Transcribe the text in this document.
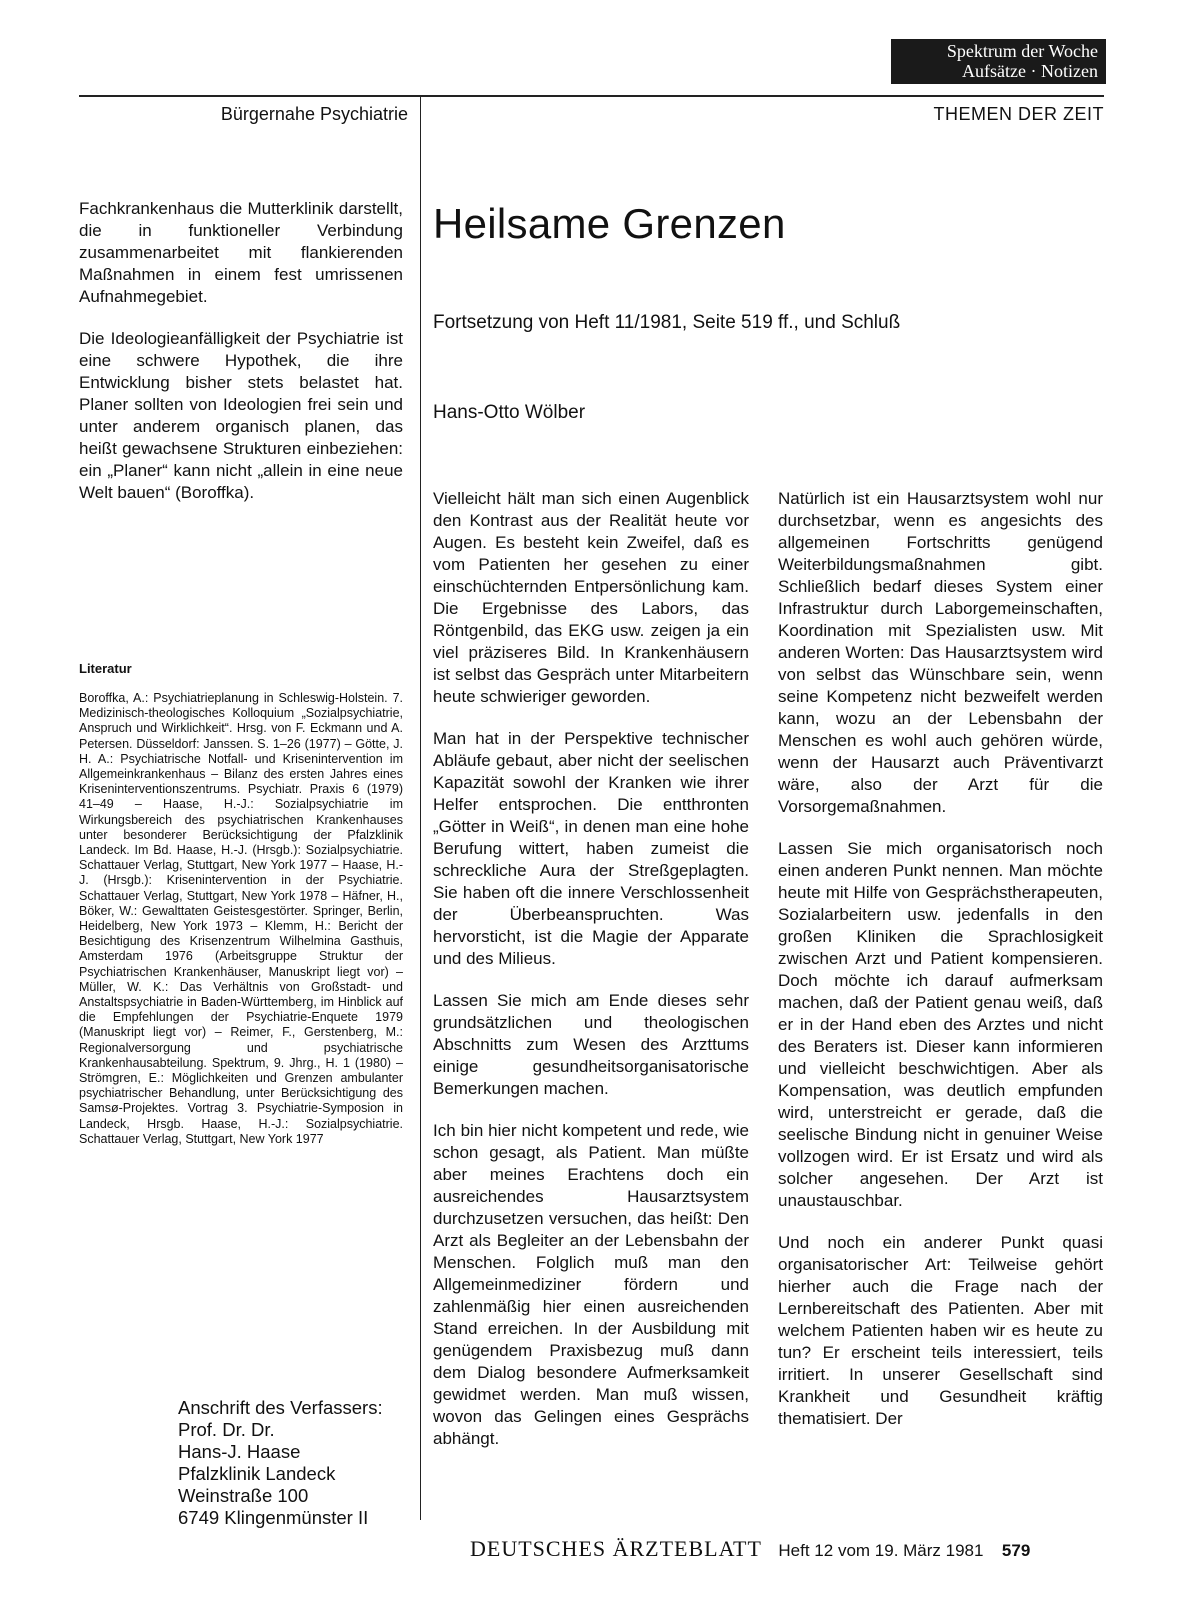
Spektrum der Woche
Aufsätze · Notizen
Bürgernahe Psychiatrie	THEMEN DER ZEIT
Heilsame Grenzen
Fortsetzung von Heft 11/1981, Seite 519 ff., und Schluß
Hans-Otto Wölber

Fachkrankenhaus die Mutterklinik darstellt, die in funktioneller Verbindung zusammenarbeitet mit flankierenden Maßnahmen in einem fest umrissenen Aufnahmegebiet.

Die Ideologieanfälligkeit der Psychiatrie ist eine schwere Hypothek, die ihre Entwicklung bisher stets belastet hat. Planer sollten von Ideologien frei sein und unter anderem organisch planen, das heißt gewachsene Strukturen einbeziehen: ein „Planer“ kann nicht „allein in eine neue Welt bauen“ (Boroffka).

Literatur
Boroffka, A.: Psychiatrieplanung in Schleswig-Holstein. 7. Medizinisch-theologisches Kolloquium „Sozialpsychiatrie, Anspruch und Wirklichkeit“. Hrsg. von F. Eckmann und A. Petersen. Düsseldorf: Janssen. S. 1–26 (1977) – Götte, J. H. A.: Psychiatrische Notfall- und Krisenintervention im Allgemeinkrankenhaus – Bilanz des ersten Jahres eines Kriseninterventionszentrums. Psychiatr. Praxis 6 (1979) 41–49 – Haase, H.-J.: Sozialpsychiatrie im Wirkungsbereich des psychiatrischen Krankenhauses unter besonderer Berücksichtigung der Pfalzklinik Landeck. Im Bd. Haase, H.-J. (Hrsgb.): Sozialpsychiatrie. Schattauer Verlag, Stuttgart, New York 1977 – Haase, H.-J. (Hrsgb.): Krisenintervention in der Psychiatrie. Schattauer Verlag, Stuttgart, New York 1978 – Häfner, H., Böker, W.: Gewalttaten Geistesgestörter. Springer, Berlin, Heidelberg, New York 1973 – Klemm, H.: Bericht der Besichtigung des Krisenzentrum Wilhelmina Gasthuis, Amsterdam 1976 (Arbeitsgruppe Struktur der Psychiatrischen Krankenhäuser, Manuskript liegt vor) – Müller, W. K.: Das Verhältnis von Großstadt- und Anstaltspsychiatrie in Baden-Württemberg, im Hinblick auf die Empfehlungen der Psychiatrie-Enquete 1979 (Manuskript liegt vor) – Reimer, F., Gerstenberg, M.: Regionalversorgung und psychiatrische Krankenhausabteilung. Spektrum, 9. Jhrg., H. 1 (1980) – Strömgren, E.: Möglichkeiten und Grenzen ambulanter psychiatrischer Behandlung, unter Berücksichtigung des Samsø-Projektes. Vortrag 3. Psychiatrie-Symposion in Landeck, Hrsgb. Haase, H.-J.: Sozialpsychiatrie. Schattauer Verlag, Stuttgart, New York 1977
Anschrift des Verfassers:
Prof. Dr. Dr.
Hans-J. Haase
Pfalzklinik Landeck
Weinstraße 100
6749 Klingenmünster II

Vielleicht hält man sich einen Augenblick den Kontrast aus der Realität heute vor Augen. Es besteht kein Zweifel, daß es vom Patienten her gesehen zu einer einschüchternden Entpersönlichung kam. Die Ergebnisse des Labors, das Röntgenbild, das EKG usw. zeigen ja ein viel präziseres Bild. In Krankenhäusern ist selbst das Gespräch unter Mitarbeitern heute schwieriger geworden.

Man hat in der Perspektive technischer Abläufe gebaut, aber nicht der seelischen Kapazität sowohl der Kranken wie ihrer Helfer entsprochen. Die entthronten „Götter in Weiß“, in denen man eine hohe Berufung wittert, haben zumeist die schreckliche Aura der Streßgeplagten. Sie haben oft die innere Verschlossenheit der Überbeanspruchten. Was hervorsticht, ist die Magie der Apparate und des Milieus.

Lassen Sie mich am Ende dieses sehr grundsätzlichen und theologischen Abschnitts zum Wesen des Arzttums einige gesundheitsorganisatorische Bemerkungen machen.

Ich bin hier nicht kompetent und rede, wie schon gesagt, als Patient. Man müßte aber meines Erachtens doch ein ausreichendes Hausarztsystem durchzusetzen versuchen, das heißt: Den Arzt als Begleiter an der Lebensbahn der Menschen. Folglich muß man den Allgemeinmediziner fördern und zahlenmäßig hier einen ausreichenden Stand erreichen. In der Ausbildung mit genügendem Praxisbezug muß dann dem Dialog besondere Aufmerksamkeit gewidmet werden. Man muß wissen, wovon das Gelingen eines Gesprächs abhängt.

Natürlich ist ein Hausarztsystem wohl nur durchsetzbar, wenn es angesichts des allgemeinen Fortschritts genügend Weiterbildungsmaßnahmen gibt. Schließlich bedarf dieses System einer Infrastruktur durch Laborgemeinschaften, Koordination mit Spezialisten usw. Mit anderen Worten: Das Hausarztsystem wird von selbst das Wünschbare sein, wenn seine Kompetenz nicht bezweifelt werden kann, wozu an der Lebensbahn der Menschen es wohl auch gehören würde, wenn der Hausarzt auch Präventivarzt wäre, also der Arzt für die Vorsorgemaßnahmen.

Lassen Sie mich organisatorisch noch einen anderen Punkt nennen. Man möchte heute mit Hilfe von Gesprächstherapeuten, Sozialarbeitern usw. jedenfalls in den großen Kliniken die Sprachlosigkeit zwischen Arzt und Patient kompensieren. Doch möchte ich darauf aufmerksam machen, daß der Patient genau weiß, daß er in der Hand eben des Arztes und nicht des Beraters ist. Dieser kann informieren und vielleicht beschwichtigen. Aber als Kompensation, was deutlich empfunden wird, unterstreicht er gerade, daß die seelische Bindung nicht in genuiner Weise vollzogen wird. Er ist Ersatz und wird als solcher angesehen. Der Arzt ist unaustauschbar.

Und noch ein anderer Punkt quasi organisatorischer Art: Teilweise gehört hierher auch die Frage nach der Lernbereitschaft des Patienten. Aber mit welchem Patienten haben wir es heute zu tun? Er erscheint teils interessiert, teils irritiert. In unserer Gesellschaft sind Krankheit und Gesundheit kräftig thematisiert. Der

DEUTSCHES ÄRZTEBLATT Heft 12 vom 19. März 1981 579
